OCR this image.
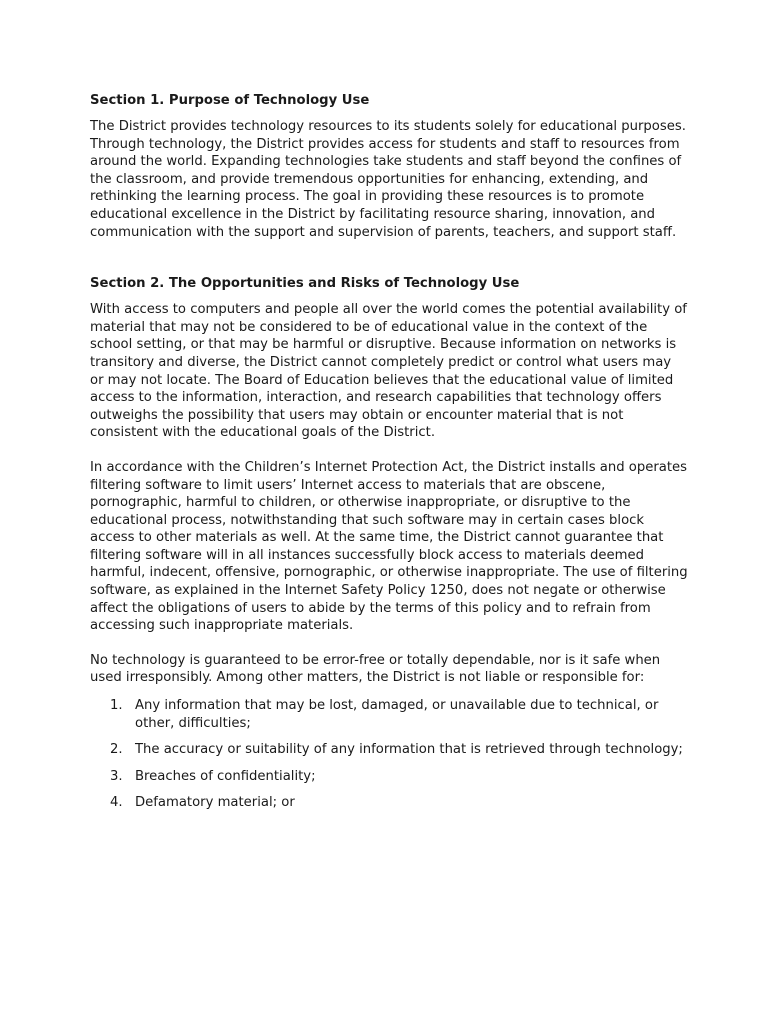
Section 1. Purpose of Technology Use

The District provides technology resources to its students solely for educational purposes. Through technology, the District provides access for students and staff to resources from around the world. Expanding technologies take students and staff beyond the confines of the classroom, and provide tremendous opportunities for enhancing, extending, and rethinking the learning process. The goal in providing these resources is to promote educational excellence in the District by facilitating resource sharing, innovation, and communication with the support and supervision of parents, teachers, and support staff.

Section 2. The Opportunities and Risks of Technology Use

With access to computers and people all over the world comes the potential availability of material that may not be considered to be of educational value in the context of the school setting, or that may be harmful or disruptive. Because information on networks is transitory and diverse, the District cannot completely predict or control what users may or may not locate. The Board of Education believes that the educational value of limited access to the information, interaction, and research capabilities that technology offers outweighs the possibility that users may obtain or encounter material that is not consistent with the educational goals of the District.

In accordance with the Children’s Internet Protection Act, the District installs and operates filtering software to limit users’ Internet access to materials that are obscene, pornographic, harmful to children, or otherwise inappropriate, or disruptive to the educational process, notwithstanding that such software may in certain cases block access to other materials as well. At the same time, the District cannot guarantee that filtering software will in all instances successfully block access to materials deemed harmful, indecent, offensive, pornographic, or otherwise inappropriate. The use of filtering software, as explained in the Internet Safety Policy 1250, does not negate or otherwise affect the obligations of users to abide by the terms of this policy and to refrain from accessing such inappropriate materials.

No technology is guaranteed to be error-free or totally dependable, nor is it safe when used irresponsibly. Among other matters, the District is not liable or responsible for:

1. Any information that may be lost, damaged, or unavailable due to technical, or other, difficulties;
2. The accuracy or suitability of any information that is retrieved through technology;
3. Breaches of confidentiality;
4. Defamatory material; or
